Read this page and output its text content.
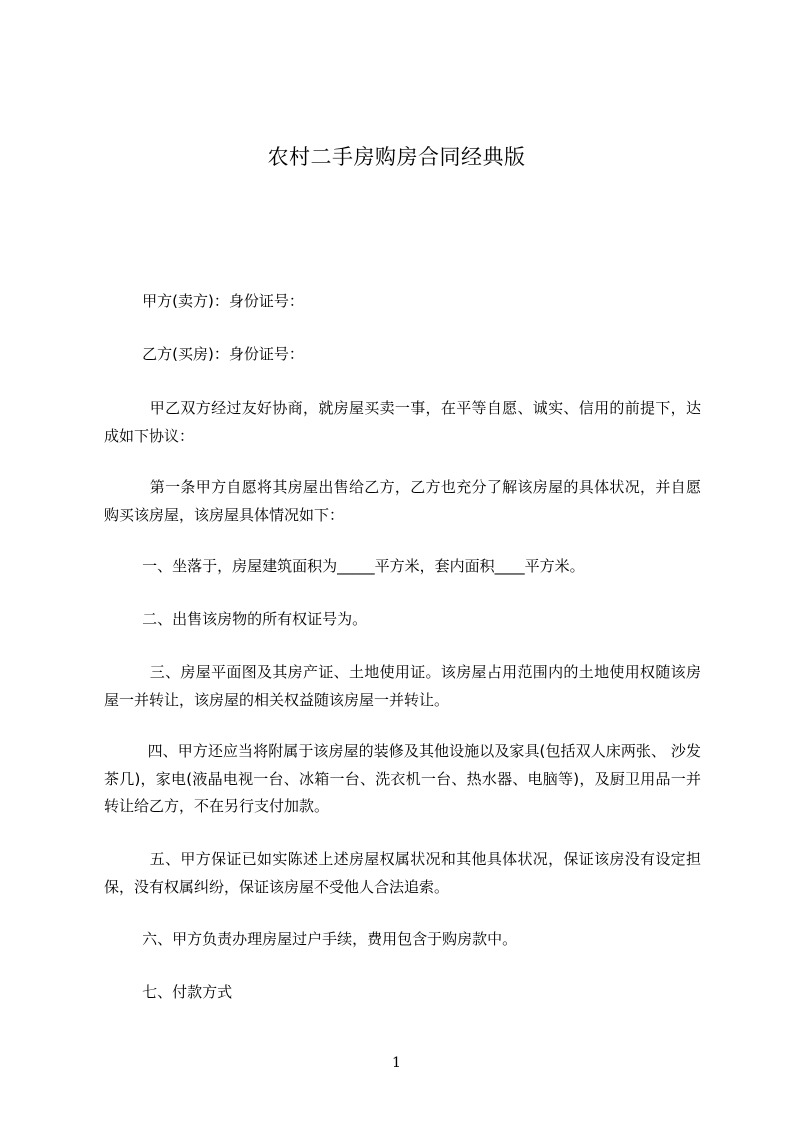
农村二手房购房合同经典版
甲方(卖方)：身份证号：
乙方(买房)：身份证号：
甲乙双方经过友好协商，就房屋买卖一事，在平等自愿、诚实、信用的前提下，达成如下协议：
第一条甲方自愿将其房屋出售给乙方，乙方也充分了解该房屋的具体状况，并自愿购买该房屋，该房屋具体情况如下：
一、坐落于，房屋建筑面积为_____平方米，套内面积____平方米。
二、出售该房物的所有权证号为。
三、房屋平面图及其房产证、土地使用证。该房屋占用范围内的土地使用权随该房屋一并转让，该房屋的相关权益随该房屋一并转让。
四、甲方还应当将附属于该房屋的装修及其他设施以及家具(包括双人床两张、 沙发茶几)，家电(液晶电视一台、冰箱一台、洗衣机一台、热水器、电脑等)，及厨卫用品一并转让给乙方，不在另行支付加款。
五、甲方保证已如实陈述上述房屋权属状况和其他具体状况，保证该房没有设定担保，没有权属纠纷，保证该房屋不受他人合法追索。
六、甲方负责办理房屋过户手续，费用包含于购房款中。
七、付款方式
1
